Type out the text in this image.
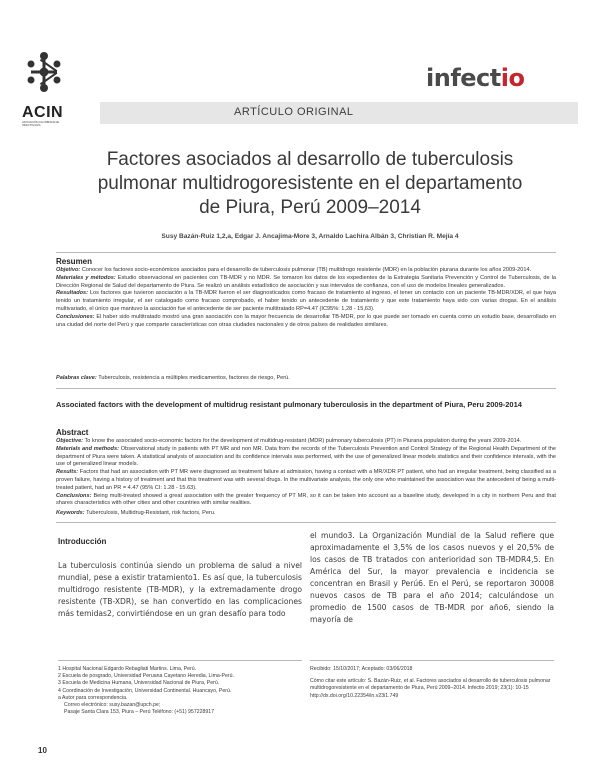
ACIN
ASOCIACIÓN COLOMBIANA DE INFECTOLOGÍA
infectio
ARTÍCULO ORIGINAL
Factores asociados al desarrollo de tuberculosis
pulmonar multidrogoresistente en el departamento
de Piura, Perú 2009–2014
Susy Bazán-Ruiz 1,2,a, Edgar J. Ancajima-More 3, Arnaldo Lachira Albán 3, Christian R. Mejía 4
Resumen

Objetivo: Conocer los factores socio-económicos asociados para el desarrollo de tuberculosis pulmonar (TB) multidrogo resistente (MDR) en la población piurana durante los años 2009-2014.

Materiales y métodos: Estudio observacional en pacientes con TB-MDR y no MDR. Se tomaron los datos de los expedientes de la Estrategia Sanitaria Prevención y Control de Tuberculosis, de la Dirección Regional de Salud del departamento de Piura. Se realizó un análisis estadístico de asociación y sus intervalos de confianza, con el uso de modelos lineales generalizados.

Resultados: Los factores que tuvieron asociación a la TB-MDR fueron el ser diagnosticados como fracaso de tratamiento al ingreso, el tener un contacto con un paciente TB-MDR/XDR, el que haya tenido un tratamiento irregular, el ser catalogado como fracaso comprobado, el haber tenido un antecedente de tratamiento y que este tratamiento haya sido con varias drogas. En el análisis multivariado, el único que mantuvo la asociación fue el antecedente de ser paciente multitratado RP=4.47 (IC95%: 1,28 - 15,63).

Conclusiones: El haber sido multitratado mostró una gran asociación con la mayor frecuencia de desarrollar TB-MDR, por lo que puede ser tomado en cuenta como un estudio base, desarrollado en una ciudad del norte del Perú y que comparte características con otras ciudades nacionales y de otros países de realidades similares.

Palabras clave: Tuberculosis, resistencia a múltiples medicamentos, factores de riesgo, Perú.
Associated factors with the development of multidrug resistant pulmonary tuberculosis in the department of Piura, Peru 2009-2014
Abstract

Objective: To know the associated socio-economic factors for the development of multidrug-resistant (MDR) pulmonary tuberculosis (PT) in Piurana population during the years 2009-2014.

Materials and methods: Observational study in patients with PT MR and non MR. Data from the records of the Tuberculosis Prevention and Control Strategy of the Regional Health Department of the department of Piura were taken. A statistical analysis of association and its confidence intervals was performed, with the use of generalized linear models statistics and their confidence intervals, with the use of generalized linear models.

Results: Factors that had an association with PT MR were diagnosed as treatment failure at admission, having a contact with a MR/XDR PT patient, who had an irregular treatment, being classified as a proven failure, having a history of treatment and that this treatment was with several drugs. In the multivariate analysis, the only one who maintained the association was the antecedent of being a multi-treated patient, had an PR = 4.47 (95% CI: 1.28 - 15.63).

Conclusions: Being multi-treated showed a great association with the greater frequency of PT MR, so it can be taken into account as a baseline study, developed in a city in northern Peru and that shares characteristics with other cities and other countries with similar realities.

Keywords: Tuberculosis, Multidrug-Resistant, risk factors, Peru.
Introducción

La tuberculosis continúa siendo un problema de salud a nivel mundial, pese a existir tratamiento1. Es así que, la tuberculosis multidrogo resistente (TB-MDR), y la extremadamente drogo resistente (TB-XDR), se han convertido en las complicaciones más temidas2, convirtiéndose en un gran desafío para todo

el mundo3. La Organización Mundial de la Salud refiere que aproximadamente el 3,5% de los casos nuevos y el 20,5% de los casos de TB tratados con anterioridad son TB-MDR4,5. En América del Sur, la mayor prevalencia e incidencia se concentran en Brasil y Perú6. En el Perú, se reportaron 30008 nuevos casos de TB para el año 2014; calculándose un promedio de 1500 casos de TB-MDR por año6, siendo la mayoría de

1 Hospital Nacional Edgardo Rebagliati Martins. Lima, Perú.
2 Escuela de posgrado, Universidad Peruana Cayetano Heredia, Lima-Perú.
3 Escuela de Medicina Humana, Universidad Nacional de Piura, Perú.
4 Coordinación de Investigación, Universidad Continental. Huancayo, Perú.
a Autor para correspondencia.
Correo electrónico: susy.bazan@upch.pe;
Pasaje Santa Clara 153, Piura – Perú Teléfono: (+51) 957228917
Recibido: 15/10/2017; Aceptado: 03/06/2018
Cómo citar este artículo: S. Bazán-Ruiz, et al. Factores asociados al desarrollo de tuberculosis pulmonar multidrogoresistente en el departamento de Piura, Perú 2009–2014. Infectio 2019; 23(1): 10-15
http://dx.doi.org/10.22354/in.v23i1.749
10
